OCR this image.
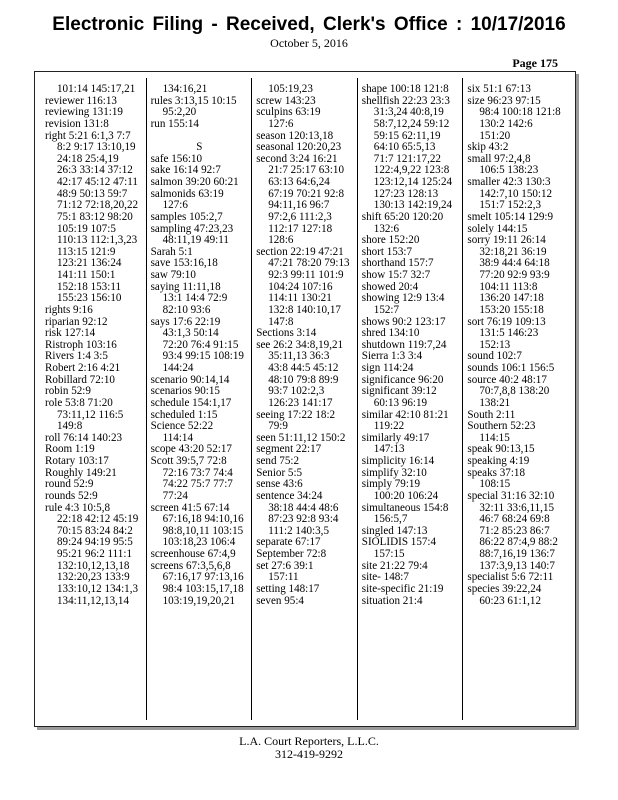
Electronic Filing - Received, Clerk's Office : 10/17/2016
October 5, 2016
Page 175
101:14 145:17,21
reviewer 116:13
reviewing 131:19
revision 131:8
right 5:21 6:1,3 7:7
8:2 9:17 13:10,19
24:18 25:4,19
26:3 33:14 37:12
42:17 45:12 47:11
48:9 50:13 59:7
71:12 72:18,20,22
75:1 83:12 98:20
105:19 107:5
110:13 112:1,3,23
113:15 121:9
123:21 136:24
141:11 150:1
152:18 153:11
155:23 156:10
rights 9:16
riparian 92:12
risk 127:14
Ristroph 103:16
Rivers 1:4 3:5
Robert 2:16 4:21
Robillard 72:10
robin 52:9
role 53:8 71:20
73:11,12 116:5
149:8
roll 76:14 140:23
Room 1:19
Rotary 103:17
Roughly 149:21
round 52:9
rounds 52:9
rule 4:3 10:5,8
22:18 42:12 45:19
70:15 83:24 84:2
89:24 94:19 95:5
95:21 96:2 111:1
132:10,12,13,18
132:20,23 133:9
133:10,12 134:1,3
134:11,12,13,14
134:16,21
rules 3:13,15 10:15
95:2,20
run 155:14

S
safe 156:10
sake 16:14 92:7
salmon 39:20 60:21
salmonids 63:19
127:6
samples 105:2,7
sampling 47:23,23
48:11,19 49:11
Sarah 5:1
save 153:16,18
saw 79:10
saying 11:11,18
13:1 14:4 72:9
82:10 93:6
says 17:6 22:19
43:1,3 50:14
72:20 76:4 91:15
93:4 99:15 108:19
144:24
scenario 90:14,14
scenarios 90:15
schedule 154:1,17
scheduled 1:15
Science 52:22
114:14
scope 43:20 52:17
Scott 39:5,7 72:8
72:16 73:7 74:4
74:22 75:7 77:7
77:24
screen 41:5 67:14
67:16,18 94:10,16
98:8,10,11 103:15
103:18,23 106:4
screenhouse 67:4,9
screens 67:3,5,6,8
67:16,17 97:13,16
98:4 103:15,17,18
103:19,19,20,21
105:19,23
screw 143:23
sculpins 63:19
127:6
season 120:13,18
seasonal 120:20,23
second 3:24 16:21
21:7 25:17 63:10
63:13 64:6,24
67:19 70:21 92:8
94:11,16 96:7
97:2,6 111:2,3
112:17 127:18
128:6
section 22:19 47:21
47:21 78:20 79:13
92:3 99:11 101:9
104:24 107:16
114:11 130:21
132:8 140:10,17
147:8
Sections 3:14
see 26:2 34:8,19,21
35:11,13 36:3
43:8 44:5 45:12
48:10 79:8 89:9
93:7 102:2,3
126:23 141:17
seeing 17:22 18:2
79:9
seen 51:11,12 150:2
segment 22:17
send 75:2
Senior 5:5
sense 43:6
sentence 34:24
38:18 44:4 48:6
87:23 92:8 93:4
111:2 140:3,5
separate 67:17
September 72:8
set 27:6 39:1
157:11
setting 148:17
seven 95:4
shape 100:18 121:8
shellfish 22:23 23:3
31:3,24 40:8,19
58:7,12,24 59:12
59:15 62:11,19
64:10 65:5,13
71:7 121:17,22
122:4,9,22 123:8
123:12,14 125:24
127:23 128:13
130:13 142:19,24
shift 65:20 120:20
132:6
shore 152:20
short 153:7
shorthand 157:7
show 15:7 32:7
showed 20:4
showing 12:9 13:4
152:7
shows 90:2 123:17
shred 134:10
shutdown 119:7,24
Sierra 1:3 3:4
sign 114:24
significance 96:20
significant 39:12
60:13 96:19
similar 42:10 81:21
119:22
similarly 49:17
147:13
simplicity 16:14
simplify 32:10
simply 79:19
100:20 106:24
simultaneous 154:8
156:5,7
singled 147:13
SIOLIDIS 157:4
157:15
site 21:22 79:4
site- 148:7
site-specific 21:19
situation 21:4
six 51:1 67:13
size 96:23 97:15
98:4 100:18 121:8
130:2 142:6
151:20
skip 43:2
small 97:2,4,8
106:5 138:23
smaller 42:3 130:3
142:7,10 150:12
151:7 152:2,3
smelt 105:14 129:9
solely 144:15
sorry 19:11 26:14
32:18,21 36:19
38:9 44:4 64:18
77:20 92:9 93:9
104:11 113:8
136:20 147:18
153:20 155:18
sort 76:19 109:13
131:5 146:23
152:13
sound 102:7
sounds 106:1 156:5
source 40:2 48:17
70:7,8,8 138:20
138:21
South 2:11
Southern 52:23
114:15
speak 90:13,15
speaking 4:19
speaks 37:18
108:15
special 31:16 32:10
32:11 33:6,11,15
46:7 68:24 69:8
71:2 85:23 86:7
86:22 87:4,9 88:2
88:7,16,19 136:7
137:3,9,13 140:7
specialist 5:6 72:11
species 39:22,24
60:23 61:1,12
L.A. Court Reporters, L.L.C.
312-419-9292
